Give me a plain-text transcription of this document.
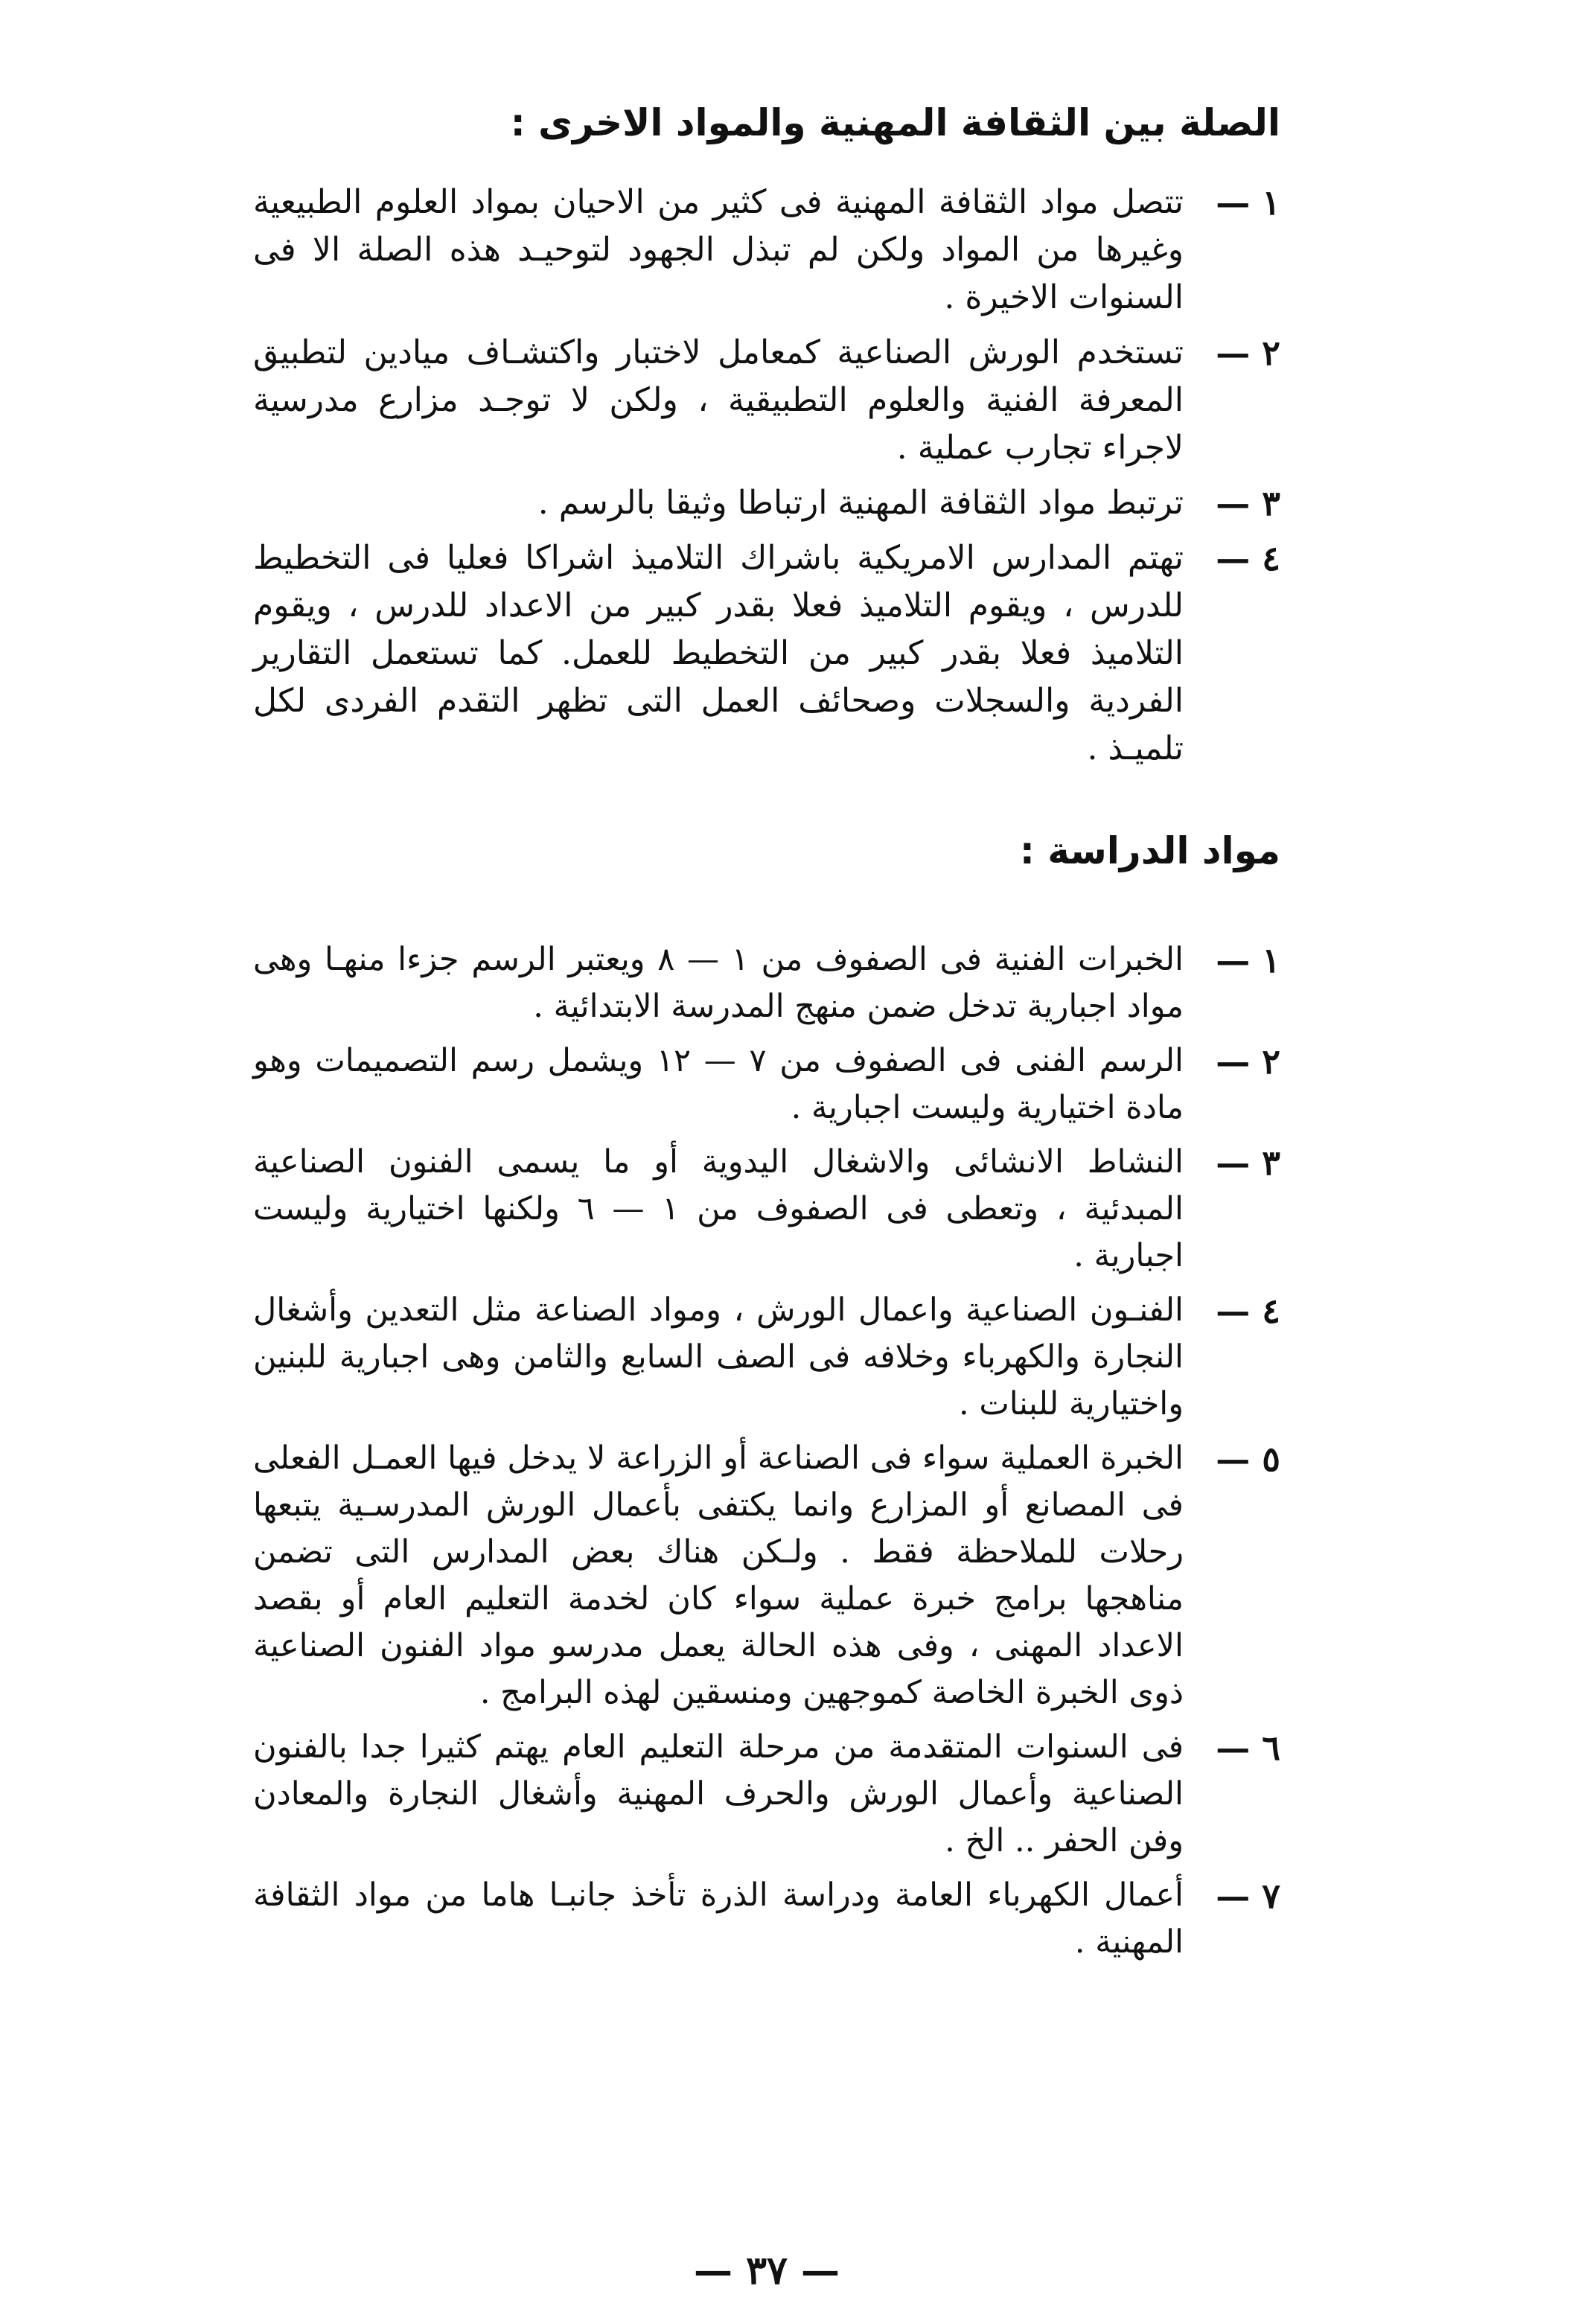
الصلة بين الثقافة المهنية والمواد الاخرى :
١ —
تتصل مواد الثقافة المهنية فى كثير من الاحيان بمواد العلوم الطبيعية وغيرها من المواد ولكن لم تبذل الجهود لتوحيـد هذه الصلة الا فى السنوات الاخيرة .
٢ —
تستخدم الورش الصناعية كمعامل لاختبار واكتشـاف ميادين لتطبيق المعرفة الفنية والعلوم التطبيقية ، ولكن لا توجـد مزارع مدرسية لاجراء تجارب عملية .
٣ —
ترتبط مواد الثقافة المهنية ارتباطا وثيقا بالرسم .
٤ —
تهتم المدارس الامريكية باشراك التلاميذ اشراكا فعليا فى التخطيط للدرس ، ويقوم التلاميذ فعلا بقدر كبير من الاعداد للدرس ، ويقوم التلاميذ فعلا بقدر كبير من التخطيط للعمل. كما تستعمل التقارير الفردية والسجلات وصحائف العمل التى تظهر التقدم الفردى لكل تلميـذ .
مواد الدراسة :
١ —
الخبرات الفنية فى الصفوف من ١ — ٨ ويعتبر الرسم جزءا منهـا وهى مواد اجبارية تدخل ضمن منهج المدرسة الابتدائية .
٢ —
الرسم الفنى فى الصفوف من ٧ — ١٢ ويشمل رسم التصميمات وهو مادة اختيارية وليست اجبارية .
٣ —
النشاط الانشائى والاشغال اليدوية أو ما يسمى الفنون الصناعية المبدئية ، وتعطى فى الصفوف من ١ — ٦ ولكنها اختيارية وليست اجبارية .
٤ —
الفنـون الصناعية واعمال الورش ، ومواد الصناعة مثل التعدين وأشغال النجارة والكهرباء وخلافه فى الصف السابع والثامن وهى اجبارية للبنين واختيارية للبنات .
٥ —
الخبرة العملية سواء فى الصناعة أو الزراعة لا يدخل فيها العمـل الفعلى فى المصانع أو المزارع وانما يكتفى بأعمال الورش المدرسـية يتبعها رحلات للملاحظة فقط . ولـكن هناك بعض المدارس التى تضمن مناهجها برامج خبرة عملية سواء كان لخدمة التعليم العام أو بقصد الاعداد المهنى ، وفى هذه الحالة يعمل مدرسو مواد الفنون الصناعية ذوى الخبرة الخاصة كموجهين ومنسقين لهذه البرامج .
٦ —
فى السنوات المتقدمة من مرحلة التعليم العام يهتم كثيرا جدا بالفنون الصناعية وأعمال الورش والحرف المهنية وأشغال النجارة والمعادن وفن الحفر .. الخ .
٧ —
أعمال الكهرباء العامة ودراسة الذرة تأخذ جانبـا هاما من مواد الثقافة المهنية .
— ٣٧ —
